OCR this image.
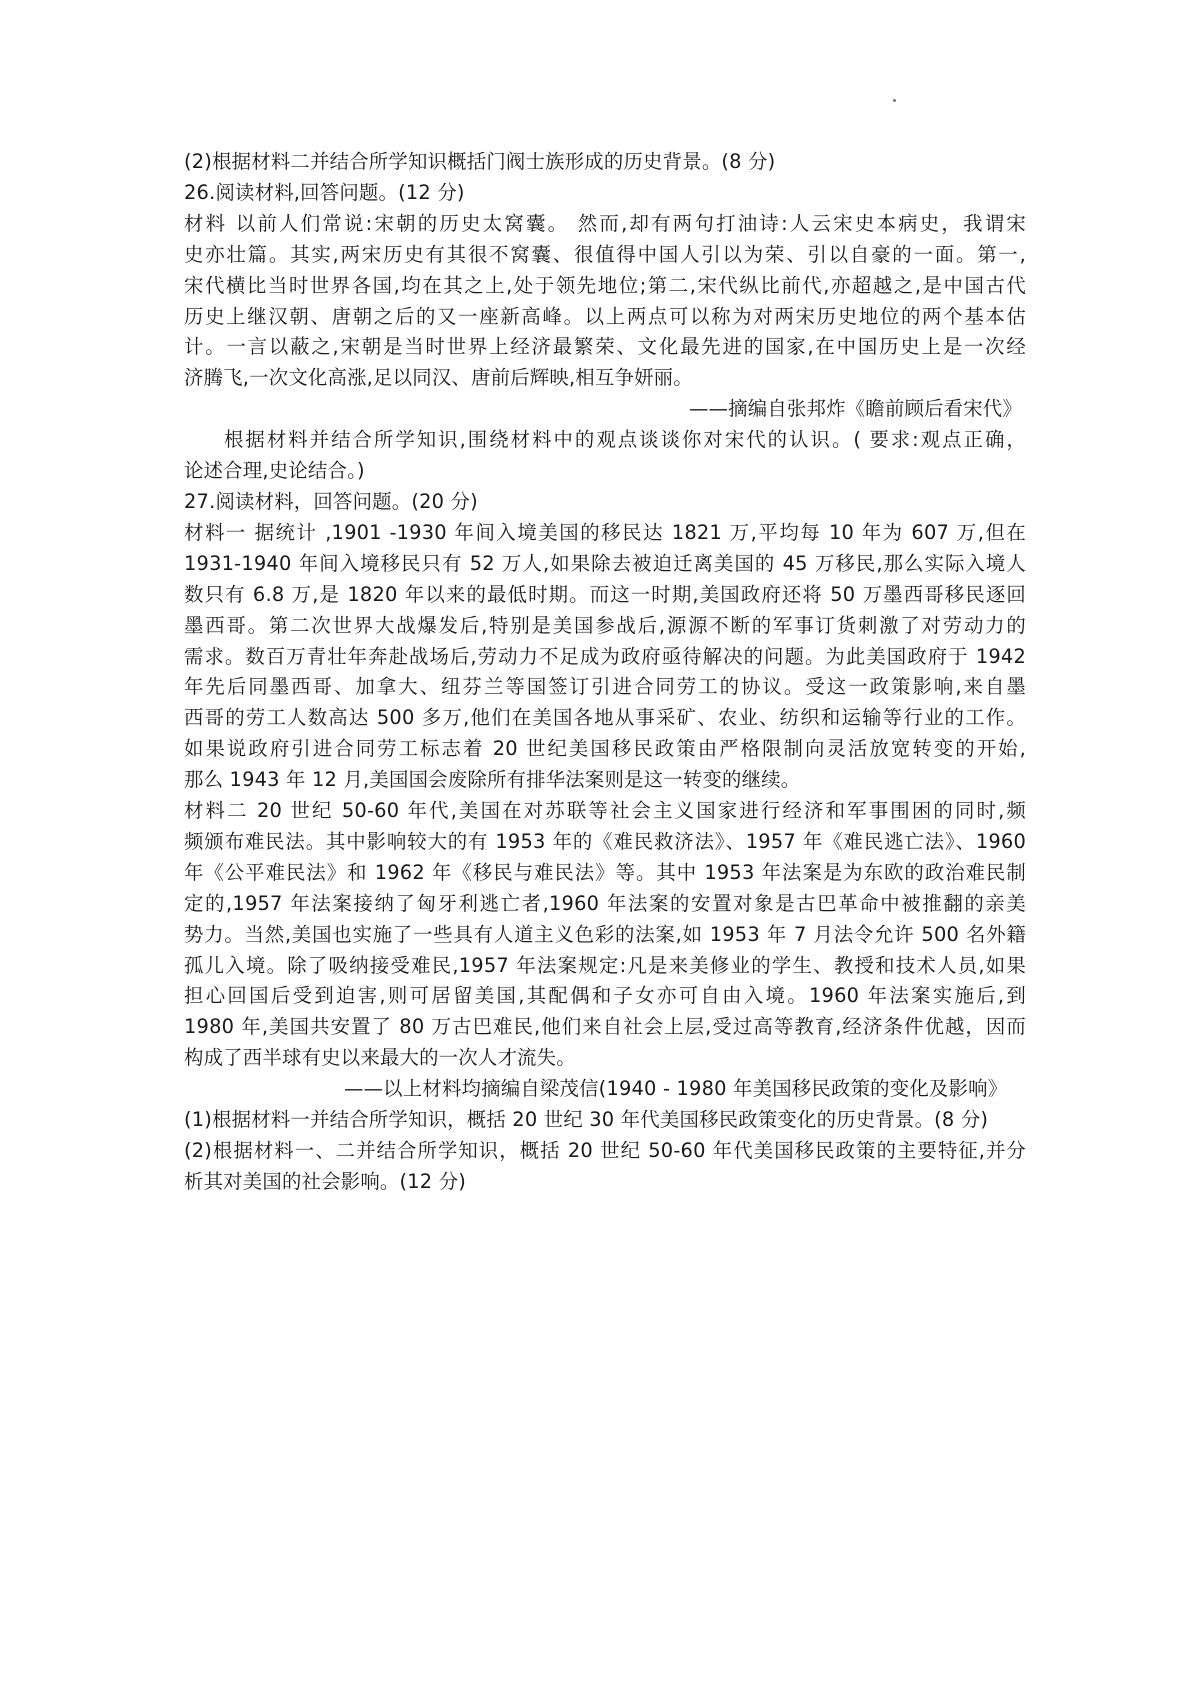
(2)根据材料二并结合所学知识概括门阀士族形成的历史背景。(8 分)
26.阅读材料,回答问题。(12 分)
材料 以前人们常说:宋朝的历史太窝囊。 然而,却有两句打油诗:人云宋史本病史，我谓宋
史亦壮篇。其实,两宋历史有其很不窝囊、很值得中国人引以为荣、引以自豪的一面。第一,
宋代横比当时世界各国,均在其之上,处于领先地位;第二,宋代纵比前代,亦超越之,是中国古代
历史上继汉朝、唐朝之后的又一座新高峰。以上两点可以称为对两宋历史地位的两个基本估
计。一言以蔽之,宋朝是当时世界上经济最繁荣、文化最先进的国家,在中国历史上是一次经
济腾飞,一次文化高涨,足以同汉、唐前后辉映,相互争妍丽。
——摘编自张邦炸《瞻前顾后看宋代》
根据材料并结合所学知识,围绕材料中的观点谈谈你对宋代的认识。( 要求:观点正确，
论述合理,史论结合。)
27.阅读材料，回答问题。(20 分)
材料一 据统计 ,1901 -1930 年间入境美国的移民达 1821 万,平均每 10 年为 607 万,但在
1931-1940 年间入境移民只有 52 万人,如果除去被迫迁离美国的 45 万移民,那么实际入境人
数只有 6.8 万,是 1820 年以来的最低时期。而这一时期,美国政府还将 50 万墨西哥移民逐回
墨西哥。第二次世界大战爆发后,特别是美国参战后,源源不断的军事订货刺激了对劳动力的
需求。数百万青壮年奔赴战场后,劳动力不足成为政府亟待解决的问题。为此美国政府于 1942
年先后同墨西哥、加拿大、纽芬兰等国签订引进合同劳工的协议。受这一政策影响,来自墨
西哥的劳工人数高达 500 多万,他们在美国各地从事采矿、农业、纺织和运输等行业的工作。
如果说政府引进合同劳工标志着 20 世纪美国移民政策由严格限制向灵活放宽转变的开始,
那么 1943 年 12 月,美国国会废除所有排华法案则是这一转变的继续。
材料二 20 世纪 50-60 年代,美国在对苏联等社会主义国家进行经济和军事围困的同时,频
频颁布难民法。其中影响较大的有 1953 年的《难民救济法》、1957 年《难民逃亡法》、1960
年《公平难民法》和 1962 年《移民与难民法》等。其中 1953 年法案是为东欧的政治难民制
定的,1957 年法案接纳了匈牙利逃亡者,1960 年法案的安置对象是古巴革命中被推翻的亲美
势力。当然,美国也实施了一些具有人道主义色彩的法案,如 1953 年 7 月法令允许 500 名外籍
孤儿入境。除了吸纳接受难民,1957 年法案规定:凡是来美修业的学生、教授和技术人员,如果
担心回国后受到迫害,则可居留美国,其配偶和子女亦可自由入境。1960 年法案实施后,到
1980 年,美国共安置了 80 万古巴难民,他们来自社会上层,受过高等教育,经济条件优越，因而
构成了西半球有史以来最大的一次人才流失。
——以上材料均摘编自梁茂信(1940 - 1980 年美国移民政策的变化及影响》
(1)根据材料一并结合所学知识，概括 20 世纪 30 年代美国移民政策变化的历史背景。(8 分)
(2)根据材料一、二并结合所学知识，概括 20 世纪 50-60 年代美国移民政策的主要特征,并分
析其对美国的社会影响。(12 分)
